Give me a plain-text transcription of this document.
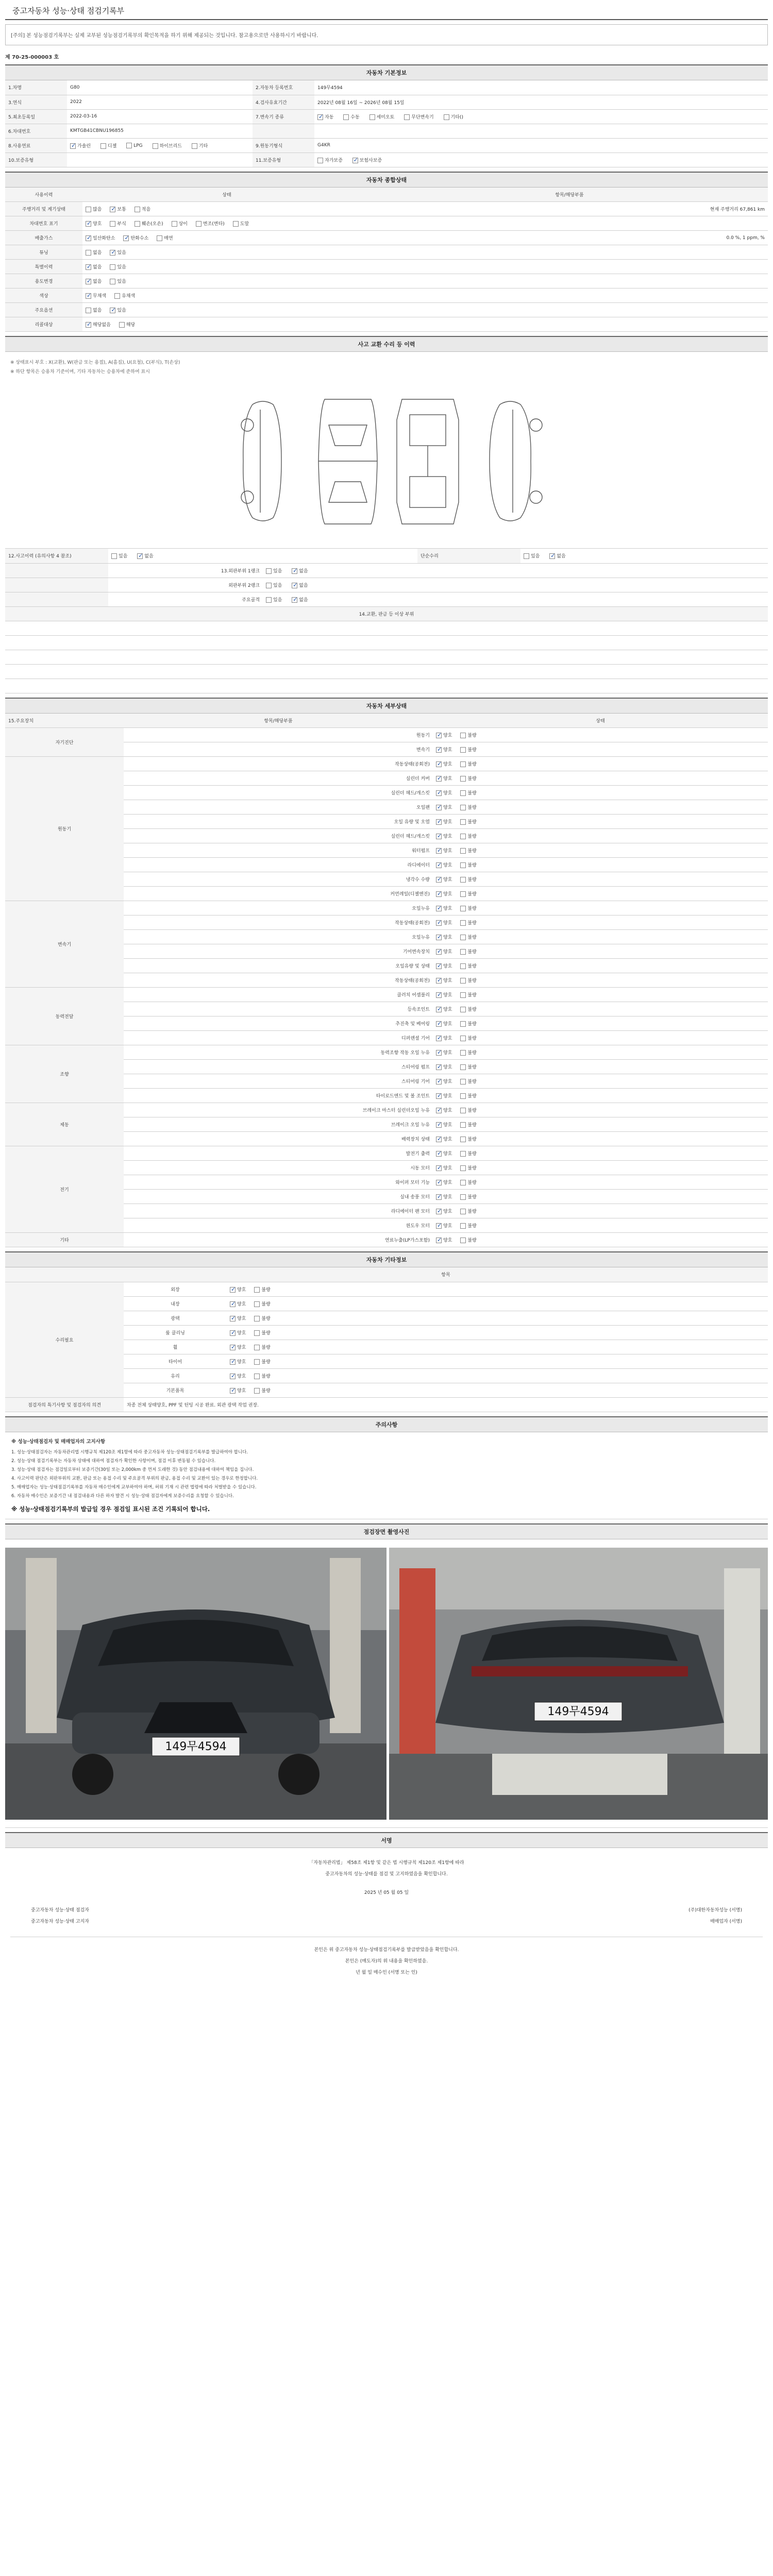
중고자동차 성능·상태 점검기록부
[주의] 본 성능점검기록부는 실제 교부된 성능점검기록부의 확인목적을 하기 위해 제공되는 것입니다. 참고용으로만 사용하시기 바랍니다.
제 70-25-000003 호
자동차 기본정보
1.차명	G80	2.자동차 등록번호	149무4594	
3.연식	2022	4.검사유효기간	2022년 08월 16일 ~ 2026년 08월 15일	
5.최초등록일	2022-03-16	7.변속기 종류	✓자동 수동 세미오토 무단변속기 기타()
6.차대번호	KMTGB41CBNU196855			
8.사용연료	✓가솔린 디젤 LPG 하이브리드 기타	9.원동기형식	G4KR	
10.보증유형		11.보증유형	자가보증 ✓ 보험사보증
자동차 종합상태
사용이력	상태	항목/해당부품
주행거리 및 계기상태	많음 ✓ 보통 적음	현재 주행거리 67,861 km
차대번호 표기	✓양호 부식 훼손(오손) 상이 변조(변타) 도말	
배출가스	✓일산화탄소 ✓ 탄화수소 매연	0.0 %, 1 ppm, %
튜닝	없음 ✓ 있음	
특별이력	✓없음 있음	
용도변경	✓없음 있음	
색상	✓무채색 유채색	
주요옵션	없음 ✓ 있음	
리콜대상	✓해당없음 해당	
사고 교환 수리 등 이력
※ 상태표시 부호 : X(교환), W(판금 또는 용접), A(흠집), U(요철), C(부식), T(손상)
※ 하단 항목은 승용차 기준이며, 기타 자동차는 승용차에 준하여 표시
12.사고이력 (유의사항 4 참조)	있음 ✓ 없음		단순수리	있음 ✓ 없음
	13.외판부위 1랭크	있음 ✓ 없음		
	외판부위 2랭크	있음 ✓ 없음		
	주요골격	있음 ✓ 없음		
14.교환, 판금 등 이상 부위				

자동차 세부상태
15.주요장치	항목/해당부품	상태
자기진단	원동기	✓양호 불량
	변속기	✓양호 불량
원동기	작동상태(공회전)	✓양호 불량
	실린더 커버	✓양호 불량
	실린더 헤드/개스킷	✓양호 불량
	오일팬	✓양호 불량
	오일 유량 및 오염	✓양호 불량
	실린더 헤드/개스킷	✓양호 불량
	워터펌프	✓양호 불량
	라디에이터	✓양호 불량
	냉각수 수량	✓양호 불량
	커먼레일(디젤엔진)	✓양호 불량
변속기	오일누유	✓양호 불량
	작동상태(공회전)	✓양호 불량
	오일누유	✓양호 불량
	기어변속장치	✓양호 불량
	오일유량 및 상태	✓양호 불량
	작동상태(공회전)	✓양호 불량
동력전달	클러치 어셈블리	✓양호 불량
	등속조인트	✓양호 불량
	추진축 및 베어링	✓양호 불량
	디퍼렌셜 기어	✓양호 불량
조향	동력조향 작동 오일 누유	✓양호 불량
	스티어링 펌프	✓양호 불량
	스티어링 기어	✓양호 불량
	타이로드엔드 및 볼 조인트	✓양호 불량
제동	브레이크 마스터 실린더오일 누유	✓양호 불량
	브레이크 오일 누유	✓양호 불량
	배력장치 상태	✓양호 불량
전기	발전기 출력	✓양호 불량
	시동 모터	✓양호 불량
	와이퍼 모터 기능	✓양호 불량
	실내 송풍 모터	✓양호 불량
	라디에이터 팬 모터	✓양호 불량
	윈도우 모터	✓양호 불량
기타	연료누출(LP가스포함)	✓양호 불량
자동차 기타정보
	항목	
수리필요	외장	✓양호 불량
	내장	✓양호 불량
	광택	✓양호 불량
	룸 클리닝	✓양호 불량
	휠	✓양호 불량
	타이어	✓양호 불량
	유리	✓양호 불량
	기본품목	✓양호 불량
점검자의 특기사항 및 점검자의 의견	차종 전체 상태양호, PPF 및 틴팅 시공 완료. 외관 광택 작업 권장.	
주의사항
※ 성능·상태점검자 및 매매업자의 고지사항
1. 성능·상태점검자는 자동차관리법 시행규칙 제120조 제1항에 따라 중고자동차 성능·상태점검기록부를 발급하여야 합니다.
2. 성능·상태 점검기록부는 자동차 상태에 대하여 점검자가 확인한 사항이며, 점검 이후 변동될 수 있습니다.
3. 성능·상태 점검자는 점검일로부터 보증기간(30일 또는 2,000km 중 먼저 도래한 것) 동안 점검내용에 대하여 책임을 집니다.
4. 사고이력 판단은 외판부위의 교환, 판금 또는 용접 수리 및 주요골격 부위의 판금, 용접 수리 및 교환이 있는 경우로 한정합니다.
5. 매매업자는 성능·상태점검기록부를 자동차 매수인에게 교부하여야 하며, 허위 기재 시 관련 법령에 따라 처벌받을 수 있습니다.
6. 자동차 매수인은 보증기간 내 점검내용과 다른 하자 발견 시 성능·상태 점검자에게 보증수리를 요청할 수 있습니다.
※ 성능·상태점검기록부의 발급일 경우 점검일 표시된 조건 기록되어 합니다.
점검장면 촬영사진
149무4594
149무4594
서명
「자동차관리법」 제58조 제1항 및 같은 법 시행규칙 제120조 제1항에 따라
중고자동차의 성능·상태를 점검 및 고지하였음을 확인합니다.
2025 년 05 월 05 일
중고자동차 성능·상태 점검자	(주)대한자동차성능 (서명)
중고자동차 성능·상태 고지자	매매업자 (서명)
본인은 위 중고자동차 성능·상태점검기록부를 발급받았음을 확인합니다.
본인은 (매도자)의 위 내용을 확인하였음.
년 월 일 매수인 (서명 또는 인)
